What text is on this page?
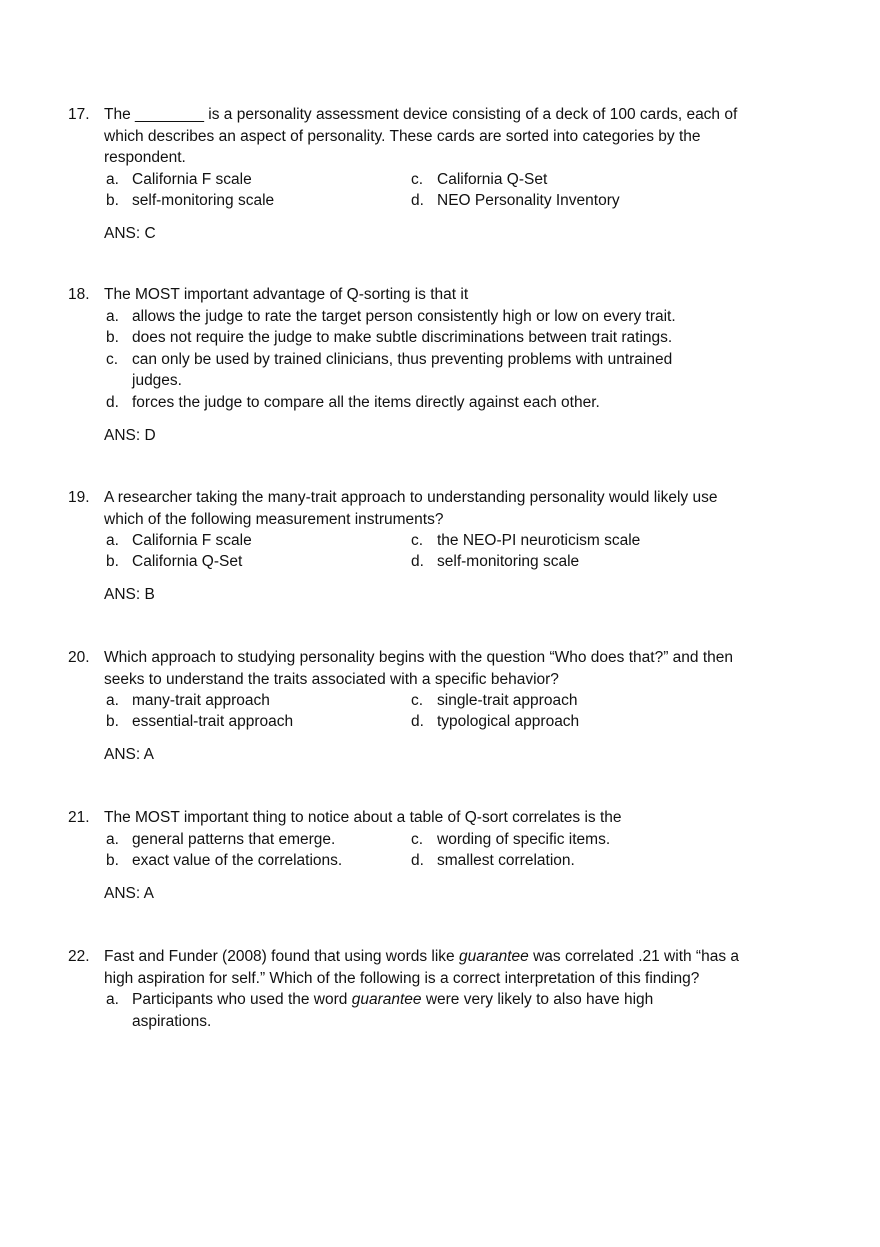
17. The ________ is a personality assessment device consisting of a deck of 100 cards, each of which describes an aspect of personality. These cards are sorted into categories by the respondent.
a. California F scale	c. California Q-Set
b. self-monitoring scale	d. NEO Personality Inventory
ANS: C
18. The MOST important advantage of Q-sorting is that it
a. allows the judge to rate the target person consistently high or low on every trait.
b. does not require the judge to make subtle discriminations between trait ratings.
c. can only be used by trained clinicians, thus preventing problems with untrained judges.
d. forces the judge to compare all the items directly against each other.
ANS: D
19. A researcher taking the many-trait approach to understanding personality would likely use which of the following measurement instruments?
a. California F scale	c. the NEO-PI neuroticism scale
b. California Q-Set	d. self-monitoring scale
ANS: B
20. Which approach to studying personality begins with the question “Who does that?” and then seeks to understand the traits associated with a specific behavior?
a. many-trait approach	c. single-trait approach
b. essential-trait approach	d. typological approach
ANS: A
21. The MOST important thing to notice about a table of Q-sort correlates is the
a. general patterns that emerge.	c. wording of specific items.
b. exact value of the correlations.	d. smallest correlation.
ANS: A
22. Fast and Funder (2008) found that using words like guarantee was correlated .21 with “has a high aspiration for self.” Which of the following is a correct interpretation of this finding?
a. Participants who used the word guarantee were very likely to also have high aspirations.
